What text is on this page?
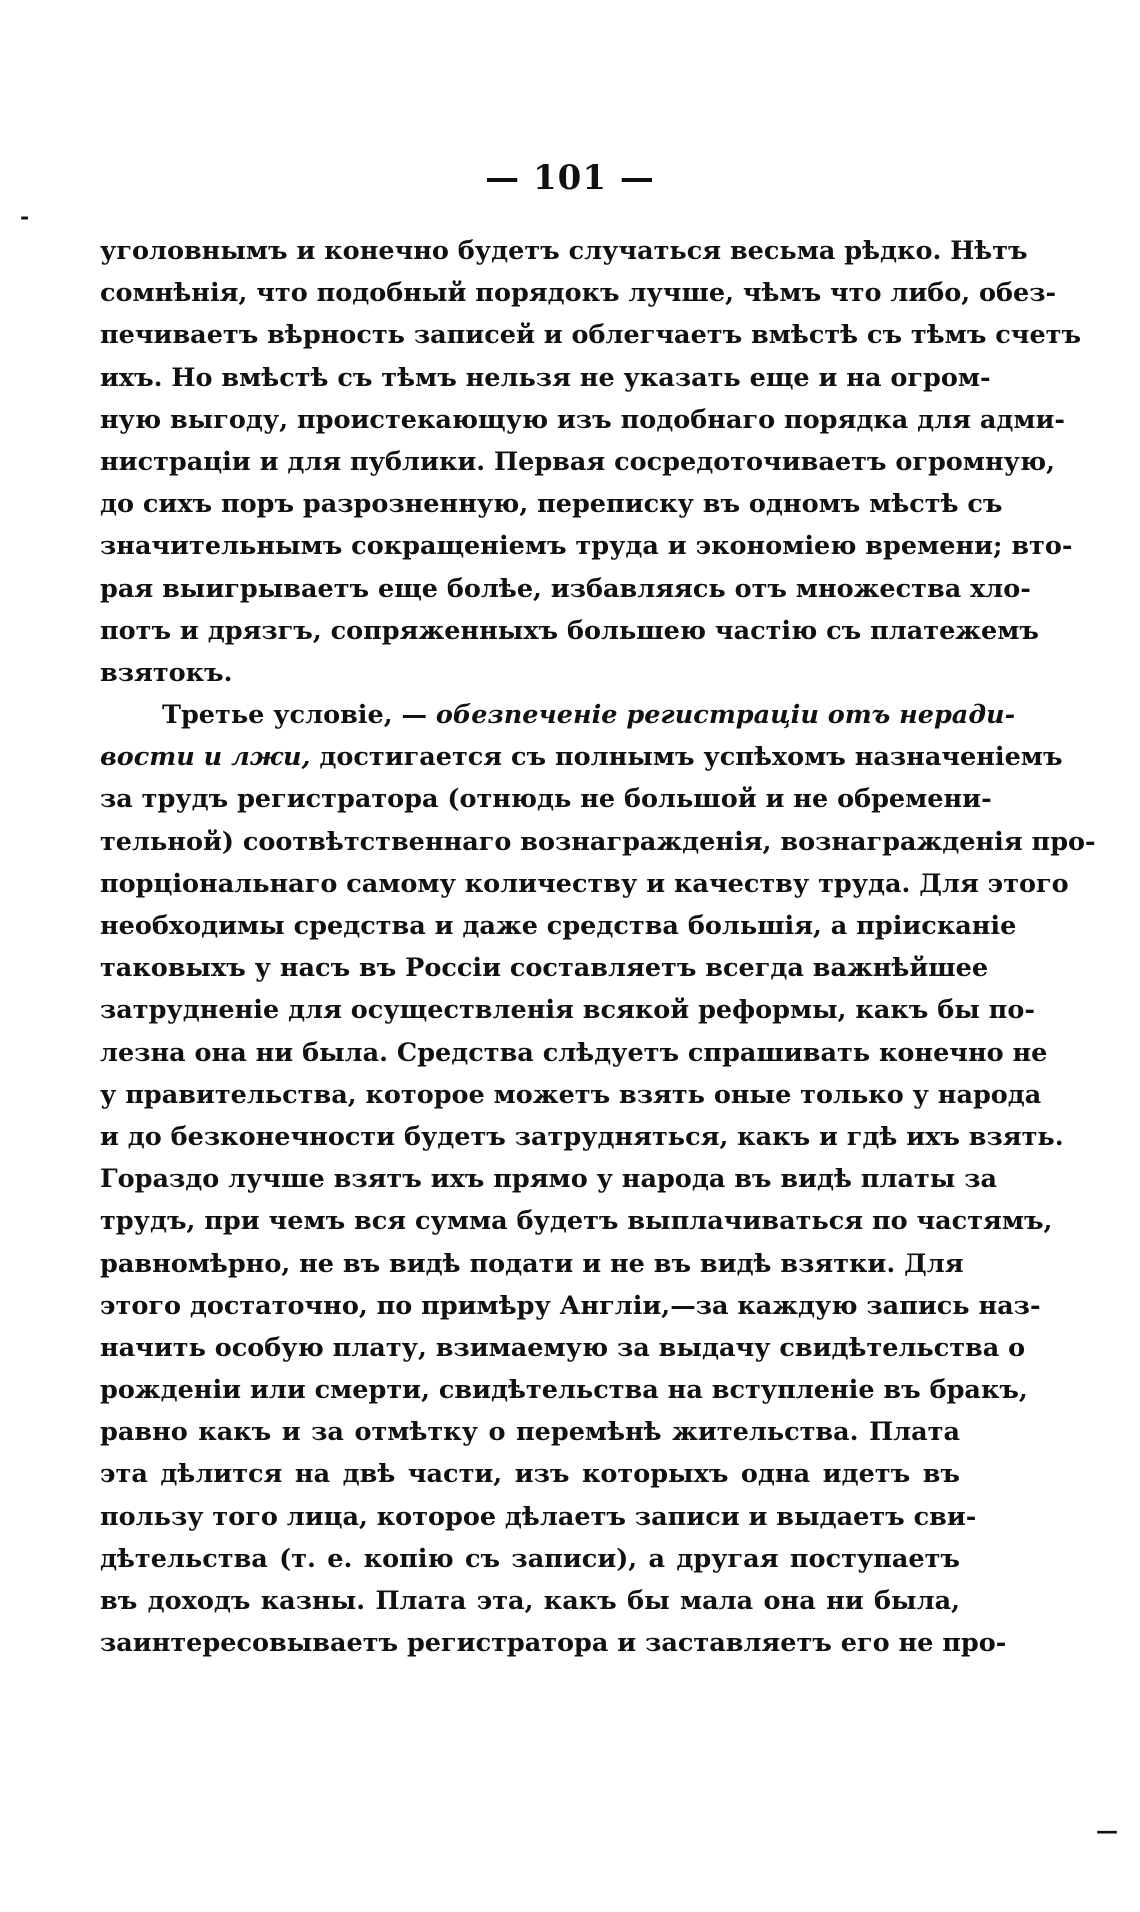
— 101 —
-
—
уголовнымъ и конечно будетъ случаться весьма рѣдко. Нѣтъ
сомнѣнія, что подобный порядокъ лучше, чѣмъ что либо, обез-
печиваетъ вѣрность записей и облегчаетъ вмѣстѣ съ тѣмъ счетъ
ихъ. Но вмѣстѣ съ тѣмъ нельзя не указать еще и на огром-
ную выгоду, проистекающую изъ подобнаго порядка для адми-
нистраціи и для публики. Первая сосредоточиваетъ огромную,
до сихъ поръ разрозненную, переписку въ одномъ мѣстѣ съ
значительнымъ сокращеніемъ труда и экономіею времени; вто-
рая выигрываетъ еще болѣе, избавляясь отъ множества хло-
потъ и дрязгъ, сопряженныхъ большею частію съ платежемъ
взятокъ.
Третье условіе, — обезпеченіе регистраціи отъ неради-
вости и лжи, достигается съ полнымъ успѣхомъ назначеніемъ
за трудъ регистратора (отнюдь не большой и не обремени-
тельной) соотвѣтственнаго вознагражденія, вознагражденія про-
порціональнаго самому количеству и качеству труда. Для этого
необходимы средства и даже средства большія, а пріисканіе
таковыхъ у насъ въ Россіи составляетъ всегда важнѣйшее
затрудненіе для осуществленія всякой реформы, какъ бы по-
лезна она ни была. Средства слѣдуетъ спрашивать конечно не
у правительства, которое можетъ взять оные только у народа
и до безконечности будетъ затрудняться, какъ и гдѣ ихъ взять.
Гораздо лучше взятъ ихъ прямо у народа въ видѣ платы за
трудъ, при чемъ вся сумма будетъ выплачиваться по частямъ,
равномѣрно, не въ видѣ подати и не въ видѣ взятки. Для
этого достаточно, по примѣру Англіи,—за каждую запись наз-
начить особую плату, взимаемую за выдачу свидѣтельства о
рожденіи или смерти, свидѣтельства на вступленіе въ бракъ,
равно какъ и за отмѣтку о перемѣнѣ жительства. Плата
эта дѣлится на двѣ части, изъ которыхъ одна идетъ въ
пользу того лица, которое дѣлаетъ записи и выдаетъ сви-
дѣтельства (т. е. копію съ записи), а другая поступаетъ
въ доходъ казны. Плата эта, какъ бы мала она ни была,
заинтересовываетъ регистратора и заставляетъ его не про-
